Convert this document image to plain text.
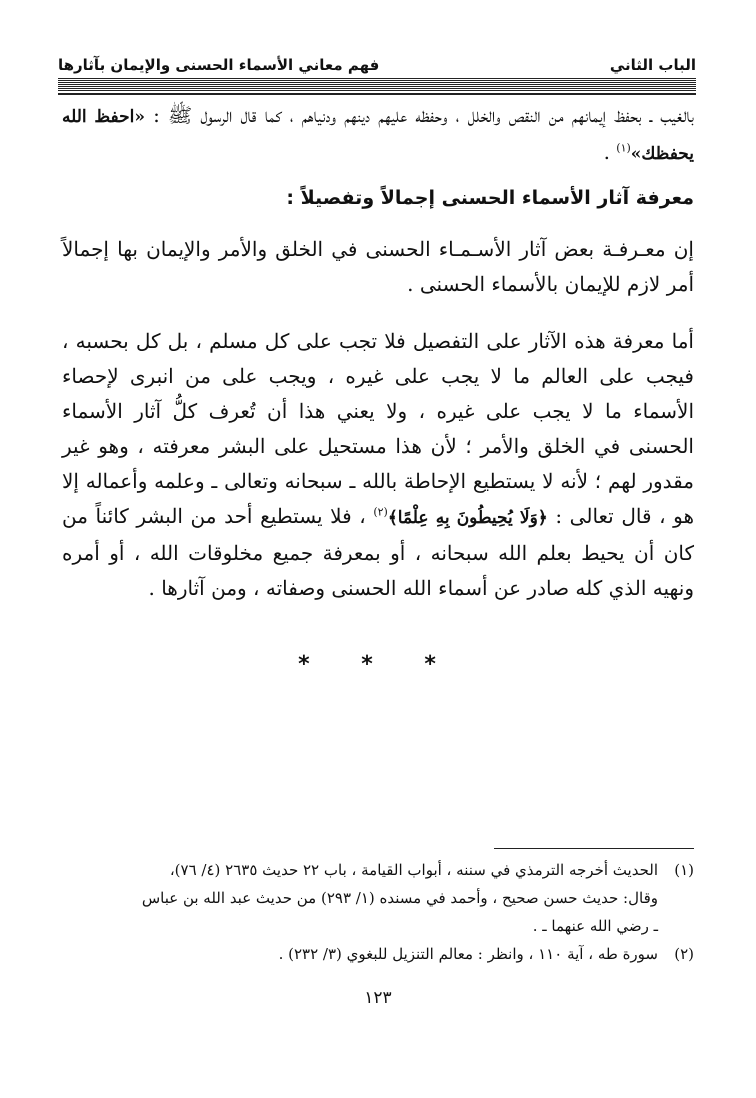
الباب الثاني
فهم معاني الأسماء الحسنى والإيمان بآثارها

بالغيب ـ بحفظ إيمانهم من النقص والخلل ، وحفظه عليهم دينهم ودنياهم ، كما قال الرسول ﷺ : «احفظ الله يحفظك»$^{(١)}$ .

معرفة آثار الأسماء الحسنى إجمالاً وتفصيلاً :

إن معـرفـة بعض آثار الأسـمـاء الحسنى في الخلق والأمر والإيمان بها إجمالاً أمر لازم للإيمان بالأسماء الحسنى .

أما معرفة هذه الآثار على التفصيل فلا تجب على كل مسلم ، بل كل بحسبه ، فيجب على العالم ما لا يجب على غيره ، ويجب على من انبرى لإحصاء الأسماء ما لا يجب على غيره ، ولا يعني هذا أن تُعرف كلُّ آثار الأسماء الحسنى في الخلق والأمر ؛ لأن هذا مستحيل على البشر معرفته ، وهو غير مقدور لهم ؛ لأنه لا يستطيع الإحاطة بالله ـ سبحانه وتعالى ـ وعلمه وأعماله إلا هو ، قال تعالى : ﴿وَلَا يُحِيطُونَ بِهِ عِلْمًا﴾$^{(٢)}$ ، فلا يستطيع أحد من البشر كائناً من كان أن يحيط بعلم الله سبحانه ، أو بمعرفة جميع مخلوقات الله ، أو أمره ونهيه الذي كله صادر عن أسماء الله الحسنى وصفاته ، ومن آثارها .

* * *
(١)
الحديث أخرجه الترمذي في سننه ، أبواب القيامة ، باب ٢٢ حديث ٢٦٣٥ (٤/ ٧٦)،
وقال: حديث حسن صحيح ، وأحمد في مسنده (١/ ٢٩٣) من حديث عبد الله بن عباس
ـ رضي الله عنهما ـ .
(٢)
سورة طه ، آية ١١٠ ، وانظر : معالم التنزيل للبغوي (٣/ ٢٣٢) .
١٢٣
